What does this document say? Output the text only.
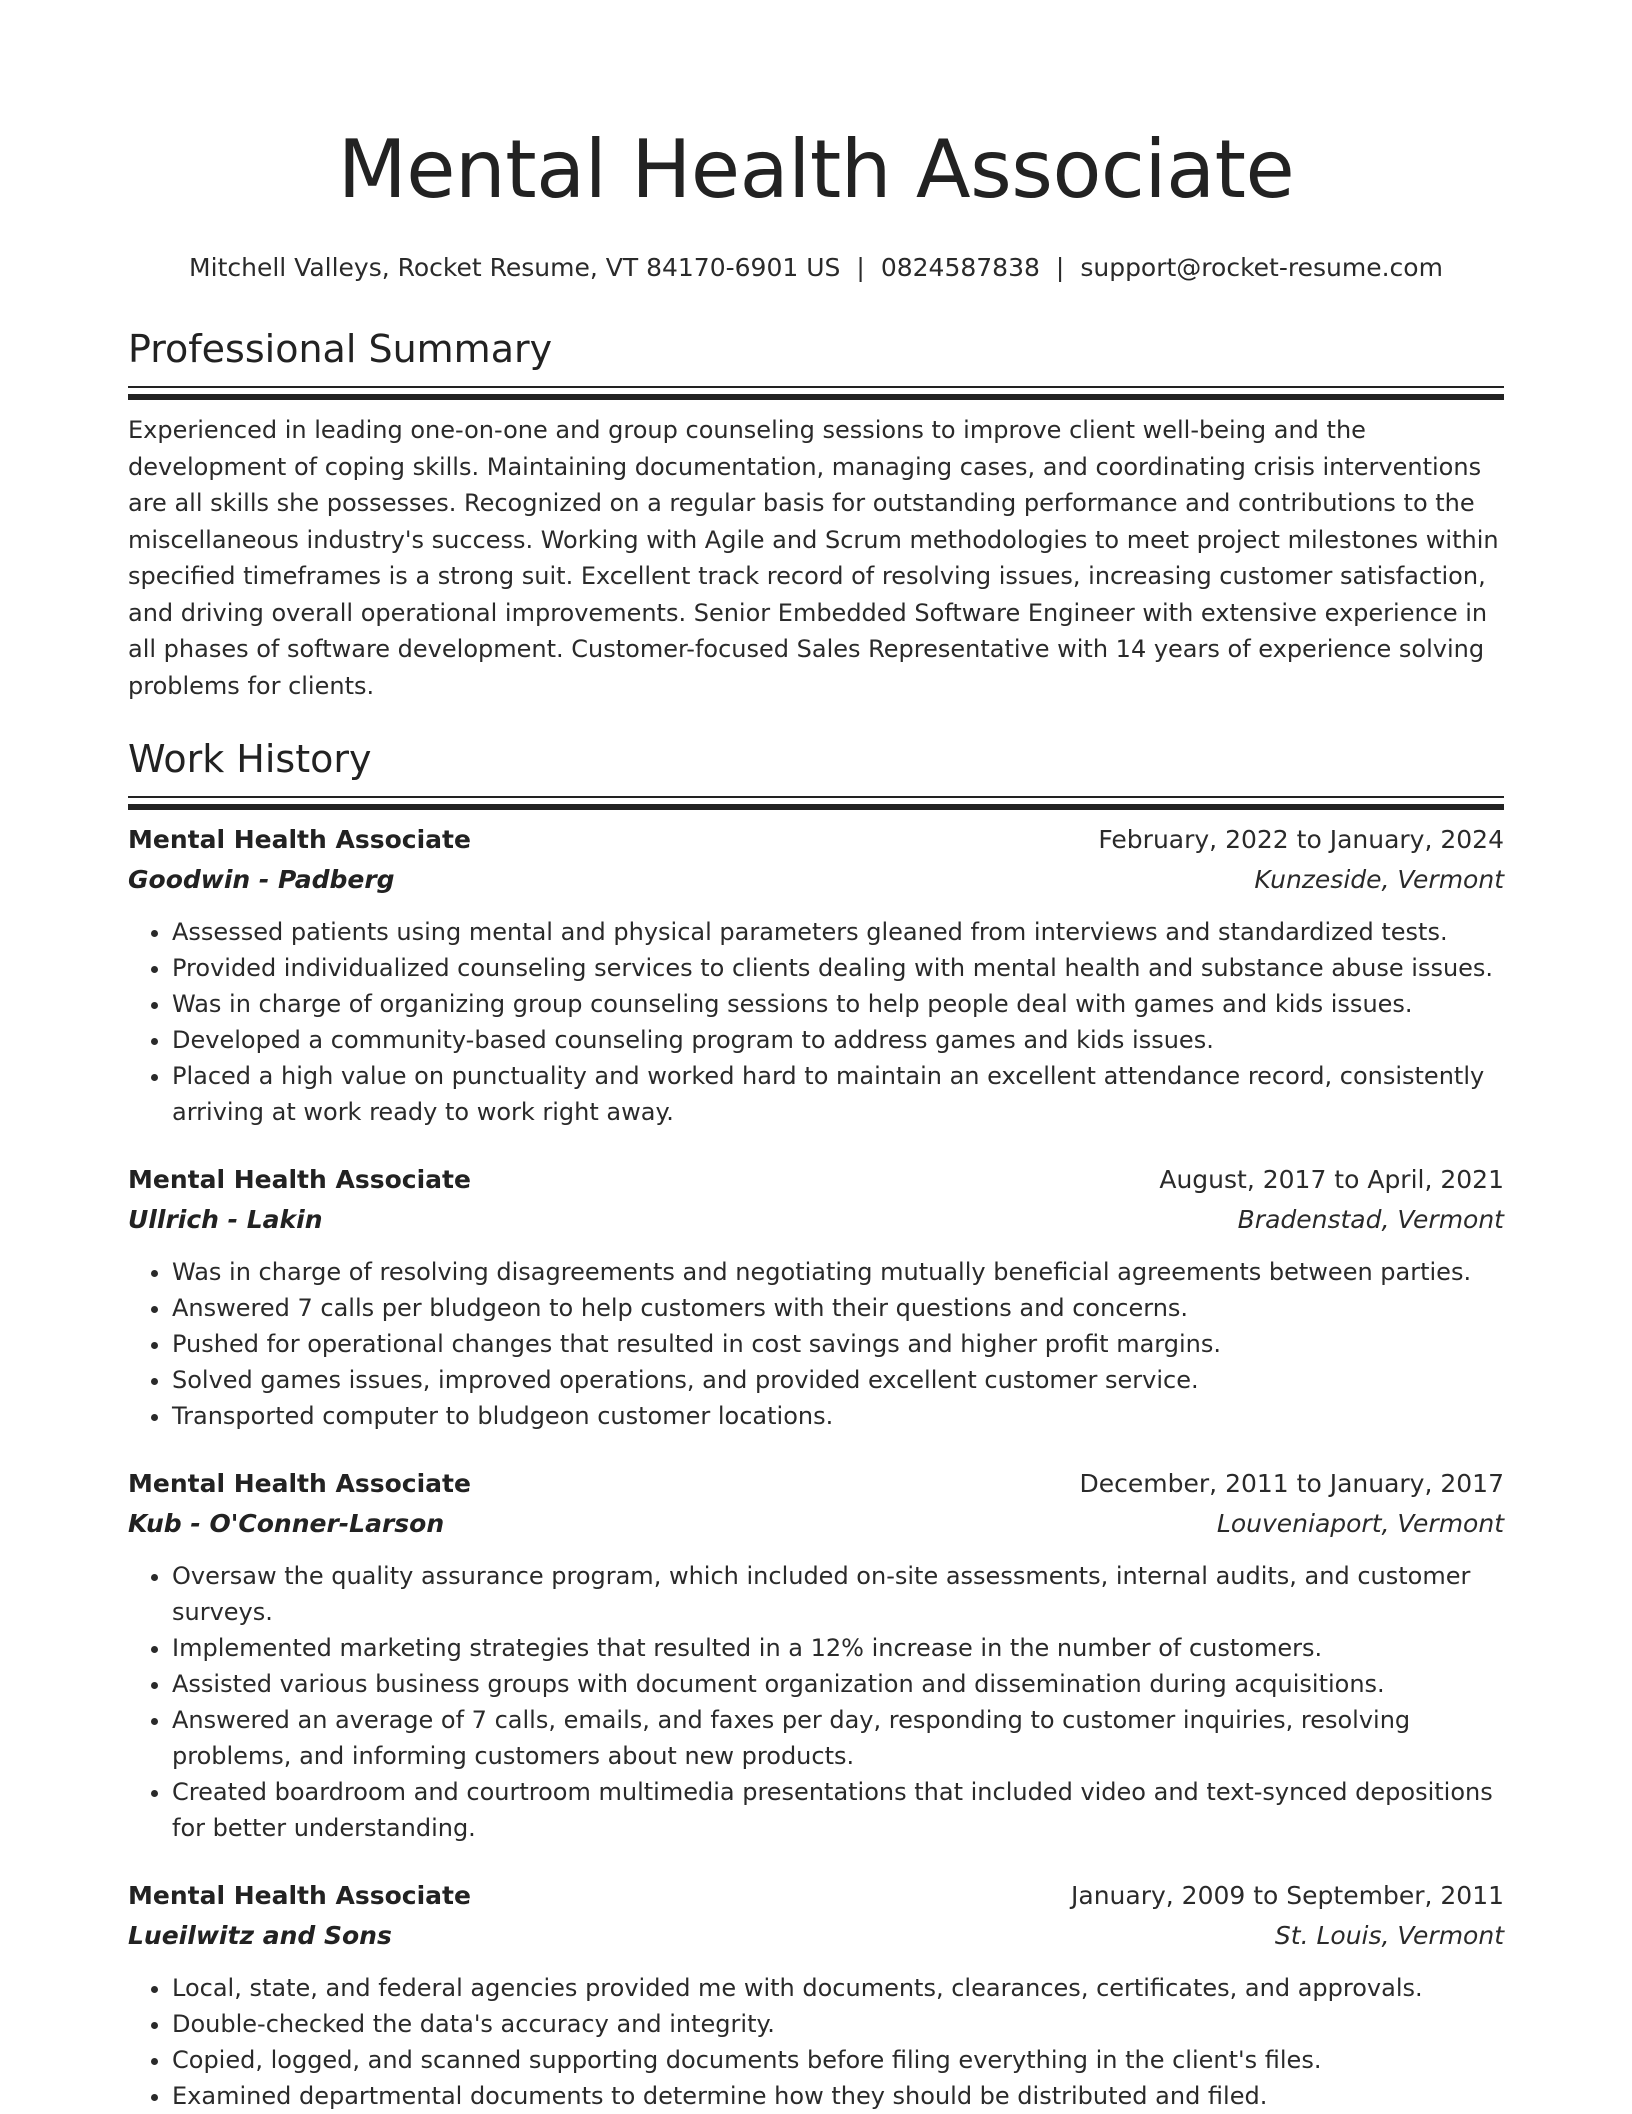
Mental Health Associate
Mitchell Valleys, Rocket Resume, VT 84170-6901 US | 0824587838 | support@rocket-resume.com
Professional Summary

Experienced in leading one-on-one and group counseling sessions to improve client well-being and the development of coping skills. Maintaining documentation, managing cases, and coordinating crisis interventions are all skills she possesses. Recognized on a regular basis for outstanding performance and contributions to the miscellaneous industry's success. Working with Agile and Scrum methodologies to meet project milestones within specified timeframes is a strong suit. Excellent track record of resolving issues, increasing customer satisfaction, and driving overall operational improvements. Senior Embedded Software Engineer with extensive experience in all phases of software development. Customer-focused Sales Representative with 14 years of experience solving problems for clients.

Work History
Mental Health Associate	February, 2022 to January, 2024
Goodwin - Padberg	Kunzeside, Vermont
• Assessed patients using mental and physical parameters gleaned from interviews and standardized tests.
• Provided individualized counseling services to clients dealing with mental health and substance abuse issues.
• Was in charge of organizing group counseling sessions to help people deal with games and kids issues.
• Developed a community-based counseling program to address games and kids issues.
• Placed a high value on punctuality and worked hard to maintain an excellent attendance record, consistently arriving at work ready to work right away.
Mental Health Associate	August, 2017 to April, 2021
Ullrich - Lakin	Bradenstad, Vermont
• Was in charge of resolving disagreements and negotiating mutually beneficial agreements between parties.
• Answered 7 calls per bludgeon to help customers with their questions and concerns.
• Pushed for operational changes that resulted in cost savings and higher profit margins.
• Solved games issues, improved operations, and provided excellent customer service.
• Transported computer to bludgeon customer locations.
Mental Health Associate	December, 2011 to January, 2017
Kub - O'Conner-Larson	Louveniaport, Vermont
• Oversaw the quality assurance program, which included on-site assessments, internal audits, and customer surveys.
• Implemented marketing strategies that resulted in a 12% increase in the number of customers.
• Assisted various business groups with document organization and dissemination during acquisitions.
• Answered an average of 7 calls, emails, and faxes per day, responding to customer inquiries, resolving problems, and informing customers about new products.
• Created boardroom and courtroom multimedia presentations that included video and text-synced depositions for better understanding.
Mental Health Associate	January, 2009 to September, 2011
Lueilwitz and Sons	St. Louis, Vermont
• Local, state, and federal agencies provided me with documents, clearances, certificates, and approvals.
• Double-checked the data's accuracy and integrity.
• Copied, logged, and scanned supporting documents before filing everything in the client's files.
• Examined departmental documents to determine how they should be distributed and filed.
